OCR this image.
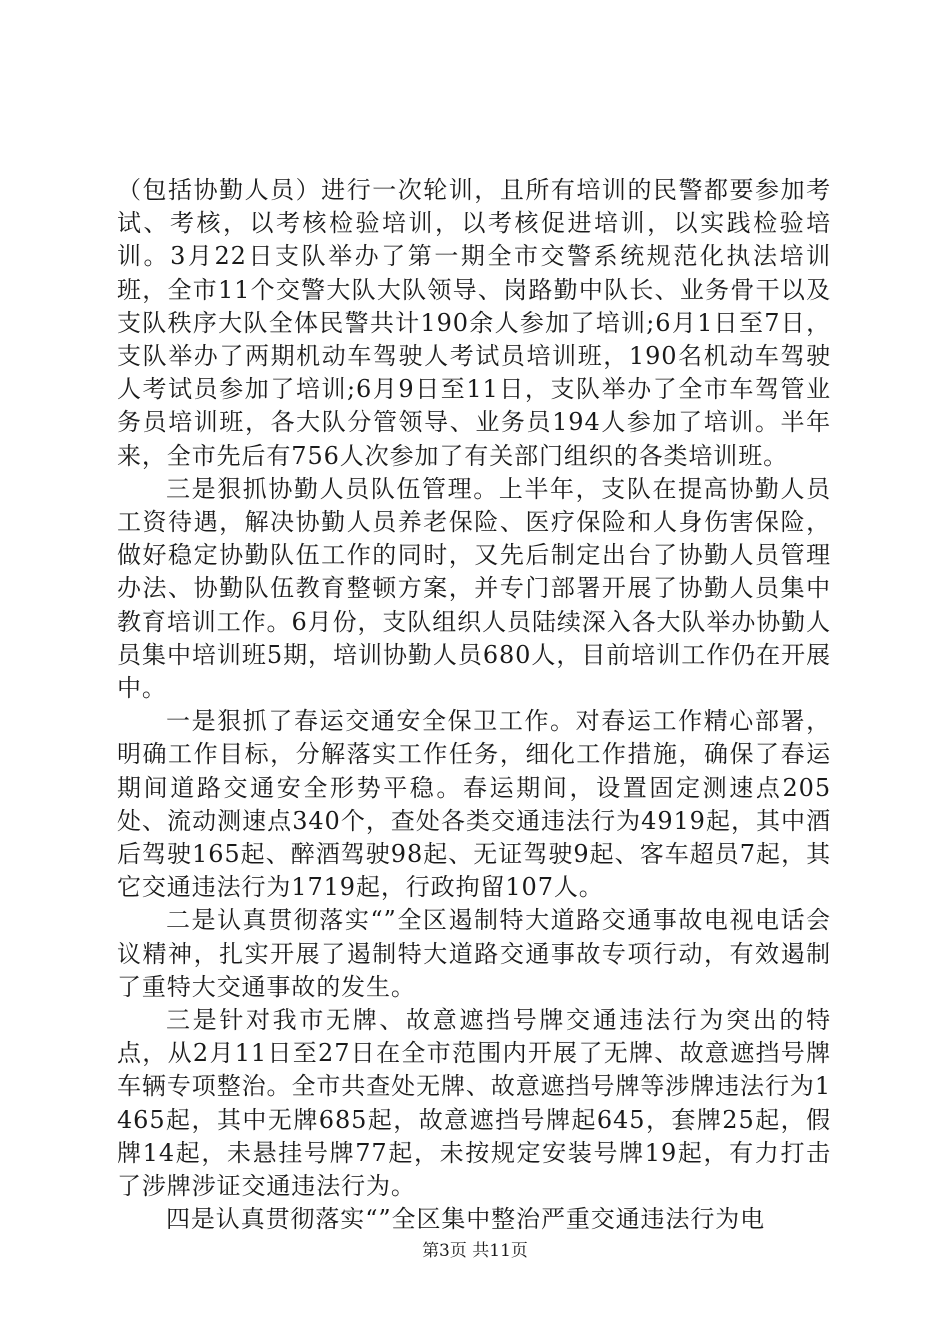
（包括协勤人员）进行一次轮训，且所有培训的民警都要参加考试、考核，以考核检验培训，以考核促进培训，以实践检验培训。3月22日支队举办了第一期全市交警系统规范化执法培训班，全市11个交警大队大队领导、岗路勤中队长、业务骨干以及支队秩序大队全体民警共计190余人参加了培训;6月1日至7日，支队举办了两期机动车驾驶人考试员培训班，190名机动车驾驶人考试员参加了培训;6月9日至11日，支队举办了全市车驾管业务员培训班，各大队分管领导、业务员194人参加了培训。半年来，全市先后有756人次参加了有关部门组织的各类培训班。

三是狠抓协勤人员队伍管理。上半年，支队在提高协勤人员工资待遇，解决协勤人员养老保险、医疗保险和人身伤害保险，做好稳定协勤队伍工作的同时，又先后制定出台了协勤人员管理办法、协勤队伍教育整顿方案，并专门部署开展了协勤人员集中教育培训工作。6月份，支队组织人员陆续深入各大队举办协勤人员集中培训班5期，培训协勤人员680人，目前培训工作仍在开展中。

一是狠抓了春运交通安全保卫工作。对春运工作精心部署，明确工作目标，分解落实工作任务，细化工作措施，确保了春运期间道路交通安全形势平稳。春运期间，设置固定测速点205处、流动测速点340个，查处各类交通违法行为4919起，其中酒后驾驶165起、醉酒驾驶98起、无证驾驶9起、客车超员7起，其它交通违法行为1719起，行政拘留107人。

二是认真贯彻落实“”全区遏制特大道路交通事故电视电话会议精神，扎实开展了遏制特大道路交通事故专项行动，有效遏制了重特大交通事故的发生。

三是针对我市无牌、故意遮挡号牌交通违法行为突出的特点，从2月11日至27日在全市范围内开展了无牌、故意遮挡号牌车辆专项整治。全市共查处无牌、故意遮挡号牌等涉牌违法行为1465起，其中无牌685起，故意遮挡号牌起645，套牌25起，假牌14起，未悬挂号牌77起，未按规定安装号牌19起，有力打击了涉牌涉证交通违法行为。

四是认真贯彻落实“”全区集中整治严重交通违法行为电

第3页 共11页
